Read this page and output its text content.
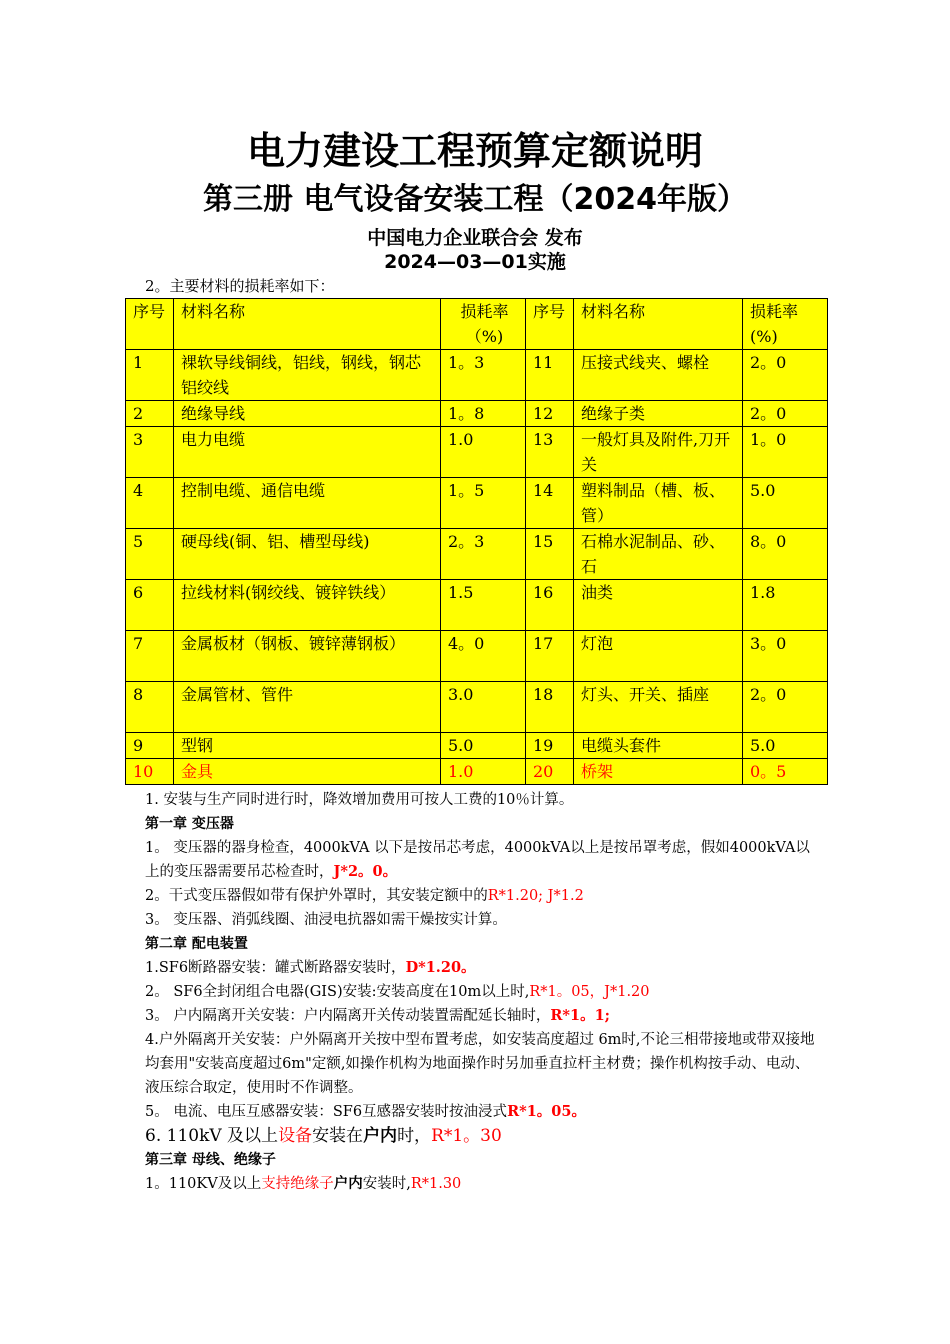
电力建设工程预算定额说明
第三册 电气设备安装工程（2024年版）
中国电力企业联合会 发布
2024—03—01实施
2。主要材料的损耗率如下：
序号	材料名称	损耗率（%)	序号	材料名称	损耗率(%)
1	裸软导线铜线，铝线，钢线，钢芯铝绞线	1。3	11	压接式线夹、螺栓	2。0
2	绝缘导线	1。8	12	绝缘子类	2。0
3	电力电缆	1.0	13	一般灯具及附件,刀开关	1。0
4	控制电缆、通信电缆	1。5	14	塑料制品（槽、板、管）	5.0
5	硬母线(铜、铝、槽型母线)	2。3	15	石棉水泥制品、砂、石	8。0
6	拉线材料(钢绞线、镀锌铁线）	1.5	16	油类	1.8
7	金属板材（钢板、镀锌薄钢板）	4。0	17	灯泡	3。0
8	金属管材、管件	3.0	18	灯头、开关、插座	2。0
9	型钢	5.0	19	电缆头套件	5.0
10	金具	1.0	20	桥架	0。5

1. 安装与生产同时进行时，降效增加费用可按人工费的10％计算。

第一章 变压器

1。 变压器的器身检查，4000kVA 以下是按吊芯考虑，4000kVA以上是按吊罩考虑，假如4000kVA以上的变压器需要吊芯检查时，J*2。0。

2。干式变压器假如带有保护外罩时，其安装定额中的R*1.20; J*1.2

3。 变压器、消弧线圈、油浸电抗器如需干燥按实计算。

第二章 配电装置

1.SF6断路器安装：罐式断路器安装时，D*1.20。

2。 SF6全封闭组合电器(GIS)安装:安装高度在10m以上时,R*1。05，J*1.20

3。 户内隔离开关安装：户内隔离开关传动装置需配延长轴时，R*1。1;

4.户外隔离开关安装：户外隔离开关按中型布置考虑，如安装高度超过 6m时,不论三相带接地或带双接地均套用"安装高度超过6m"定额,如操作机构为地面操作时另加垂直拉杆主材费；操作机构按手动、电动、液压综合取定，使用时不作调整。

5。 电流、电压互感器安装：SF6互感器安装时按油浸式R*1。05。

6. 110kV 及以上设备安装在户内时，R*1。30

第三章 母线、绝缘子

1。110KV及以上支持绝缘子户内安装时,R*1.30
